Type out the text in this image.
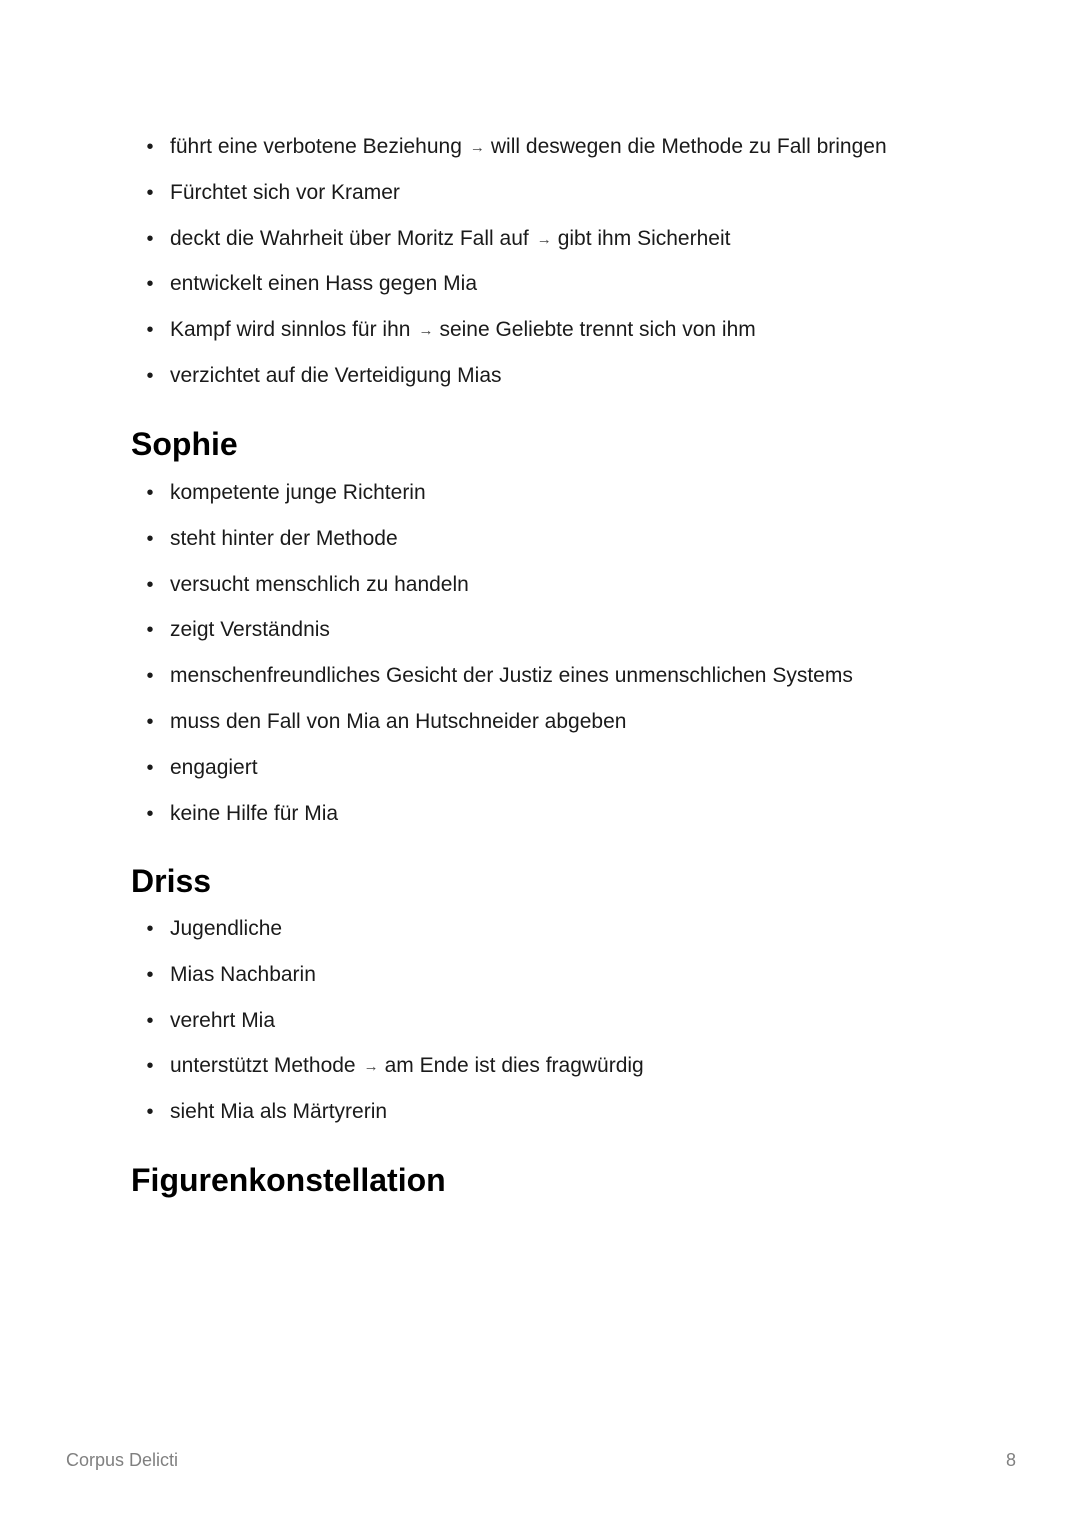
• führt eine verbotene Beziehung → will deswegen die Methode zu Fall bringen
• Fürchtet sich vor Kramer
• deckt die Wahrheit über Moritz Fall auf → gibt ihm Sicherheit
• entwickelt einen Hass gegen Mia
• Kampf wird sinnlos für ihn → seine Geliebte trennt sich von ihm
• verzichtet auf die Verteidigung Mias
Sophie
• kompetente junge Richterin
• steht hinter der Methode
• versucht menschlich zu handeln
• zeigt Verständnis
• menschenfreundliches Gesicht der Justiz eines unmenschlichen Systems
• muss den Fall von Mia an Hutschneider abgeben
• engagiert
• keine Hilfe für Mia
Driss
• Jugendliche
• Mias Nachbarin
• verehrt Mia
• unterstützt Methode → am Ende ist dies fragwürdig
• sieht Mia als Märtyrerin
Figurenkonstellation
Corpus Delicti	8
